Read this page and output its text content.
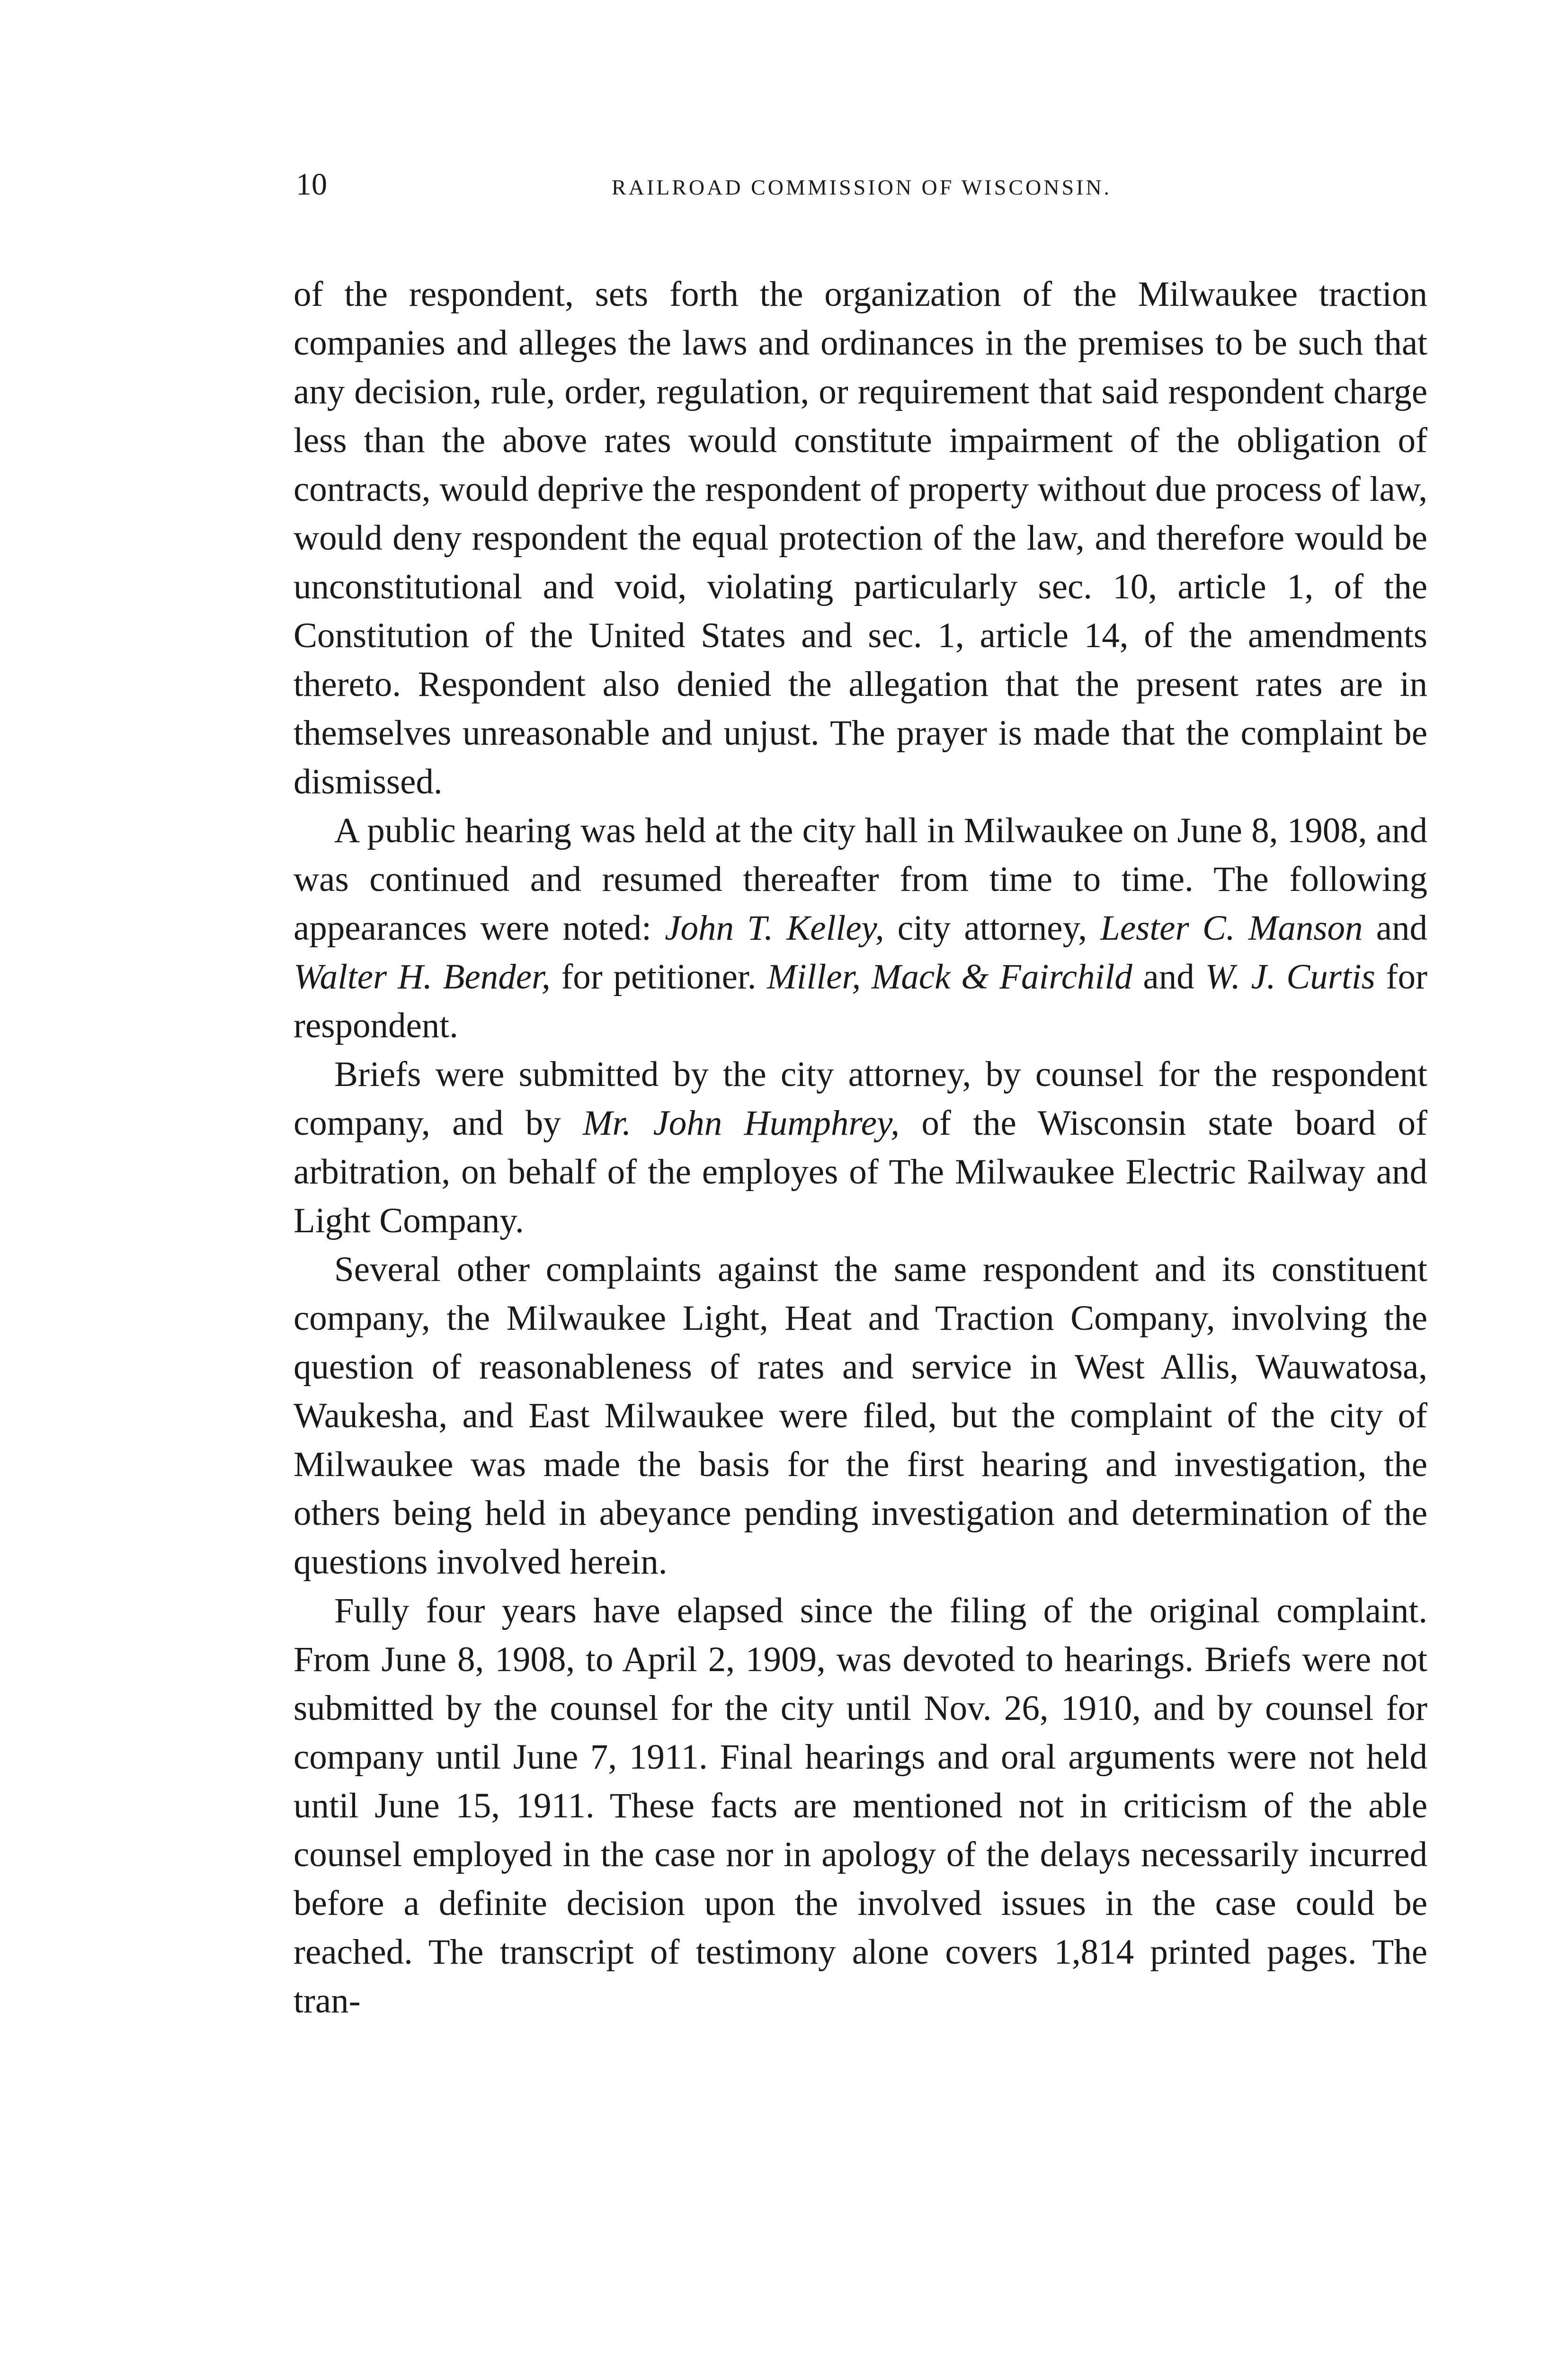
10	RAILROAD COMMISSION OF WISCONSIN.

of the respondent, sets forth the organization of the Milwaukee traction companies and alleges the laws and ordinances in the premises to be such that any decision, rule, order, regulation, or requirement that said respondent charge less than the above rates would constitute impairment of the obligation of contracts, would deprive the respondent of property without due process of law, would deny respondent the equal protection of the law, and therefore would be unconstitutional and void, violating particularly sec. 10, article 1, of the Constitution of the United States and sec. 1, article 14, of the amendments thereto. Respondent also denied the allegation that the present rates are in themselves unreasonable and unjust. The prayer is made that the complaint be dismissed.

A public hearing was held at the city hall in Milwaukee on June 8, 1908, and was continued and resumed thereafter from time to time. The following appearances were noted: John T. Kelley, city attorney, Lester C. Manson and Walter H. Bender, for petitioner. Miller, Mack & Fairchild and W. J. Curtis for respondent.

Briefs were submitted by the city attorney, by counsel for the respondent company, and by Mr. John Humphrey, of the Wisconsin state board of arbitration, on behalf of the employes of The Milwaukee Electric Railway and Light Company.

Several other complaints against the same respondent and its constituent company, the Milwaukee Light, Heat and Traction Company, involving the question of reasonableness of rates and service in West Allis, Wauwatosa, Waukesha, and East Milwaukee were filed, but the complaint of the city of Milwaukee was made the basis for the first hearing and investigation, the others being held in abeyance pending investigation and determination of the questions involved herein.

Fully four years have elapsed since the filing of the original complaint. From June 8, 1908, to April 2, 1909, was devoted to hearings. Briefs were not submitted by the counsel for the city until Nov. 26, 1910, and by counsel for company until June 7, 1911. Final hearings and oral arguments were not held until June 15, 1911. These facts are mentioned not in criticism of the able counsel employed in the case nor in apology of the delays necessarily incurred before a definite decision upon the involved issues in the case could be reached. The transcript of testimony alone covers 1,814 printed pages. The tran-
